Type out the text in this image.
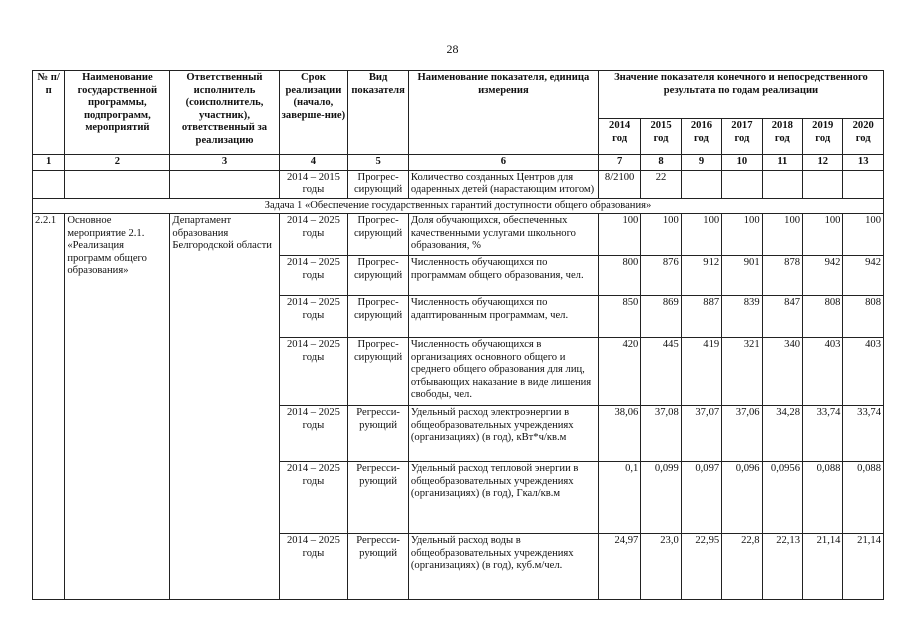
28
№ п/п	Наименование государственной программы, подпрограмм, мероприятий	Ответственный исполнитель (соисполнитель, участник), ответственный за реализацию	Срок реализации (начало, заверше-ние)	Вид показателя	Наименование показателя, единица измерения	Значение показателя конечного и непосредственного результата по годам реализации						
						2014 год	2015 год	2016 год	2017 год	2018 год	2019 год	2020 год
1	2	3	4	5	6	7	8	9	10	11	12	13
			2014 – 2015 годы	Прогрес-сирующий	Количество созданных Центров для одаренных детей (нарастающим итогом)	8/2100	22					
Задача 1 «Обеспечение государственных гарантий доступности общего образования»												
2.2.1	Основное мероприятие 2.1. «Реализация программ общего образования»	Департамент образования Белгородской области	2014 – 2025 годы	Прогрес-сирующий	Доля обучающихся, обеспеченных качественными услугами школьного образования, %	100	100	100	100	100	100	100
			2014 – 2025 годы	Прогрес-сирующий	Численность обучающихся по программам общего образования, чел.	800	876	912	901	878	942	942
			2014 – 2025 годы	Прогрес-сирующий	Численность обучающихся по адаптированным программам, чел.	850	869	887	839	847	808	808
			2014 – 2025 годы	Прогрес-сирующий	Численность обучающихся в организациях основного общего и среднего общего образования для лиц, отбывающих наказание в виде лишения свободы, чел.	420	445	419	321	340	403	403
			2014 – 2025 годы	Регресси-рующий	Удельный расход электроэнергии в общеобразовательных учреждениях (организациях) (в год), кВт*ч/кв.м	38,06	37,08	37,07	37,06	34,28	33,74	33,74
			2014 – 2025 годы	Регресси-рующий	Удельный расход тепловой энергии в общеобразовательных учреждениях (организациях) (в год), Гкал/кв.м	0,1	0,099	0,097	0,096	0,0956	0,088	0,088
			2014 – 2025 годы	Регресси-рующий	Удельный расход воды в общеобразовательных учреждениях (организациях) (в год), куб.м/чел.	24,97	23,0	22,95	22,8	22,13	21,14	21,14
